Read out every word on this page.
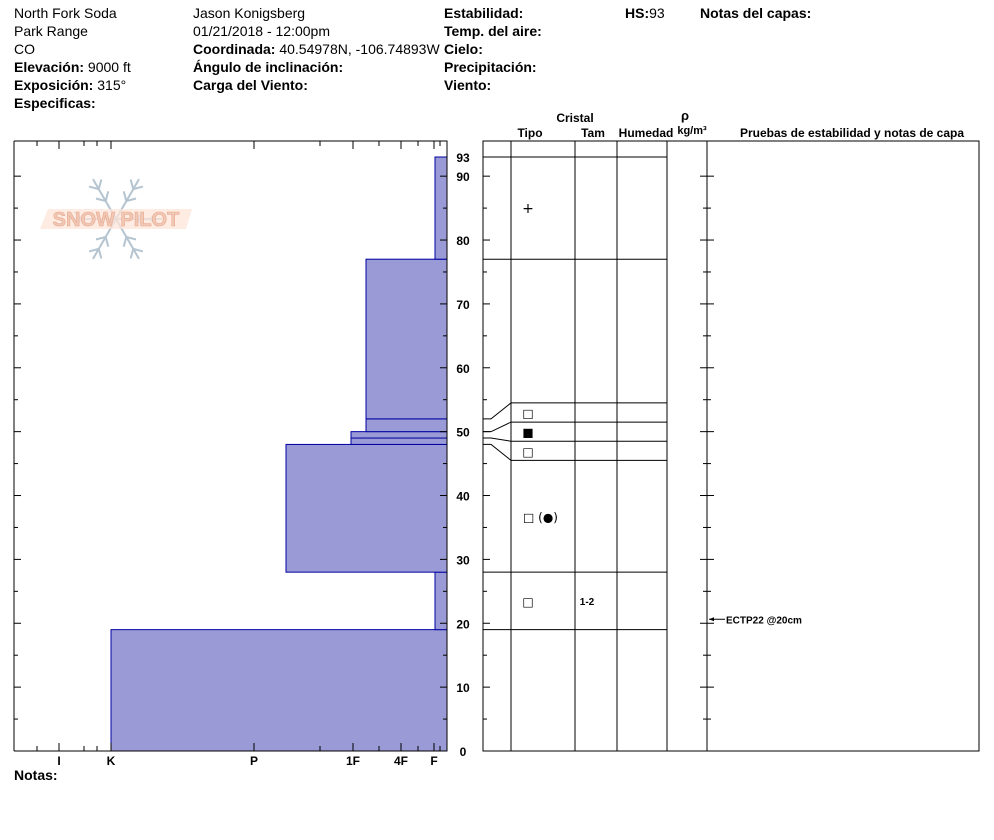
North Fork Soda
Park Range
CO
Elevación: 9000 ft
Exposición: 315°
Especificas:
Jason Konigsberg
01/21/2018 - 12:00pm
Coordinada: 40.54978N, -106.74893W
Ángulo de inclinación:
Carga del Viento:
Estabilidad:
Temp. del aire:
Cielo:
Precipitación:
Viento:
HS:93	Notas del capas:
Notas:
SNOW PILOT
0
10
20
30
40
50
60
70
80
90
93
I	K	P	1F	4F F
□	1-2
□ (●)
□
■
□
+
ECTP22 @20cm
Cristal
Tipo	Tam Humedad
ρ
kg/m³	Pruebas de estabilidad y notas de capa
